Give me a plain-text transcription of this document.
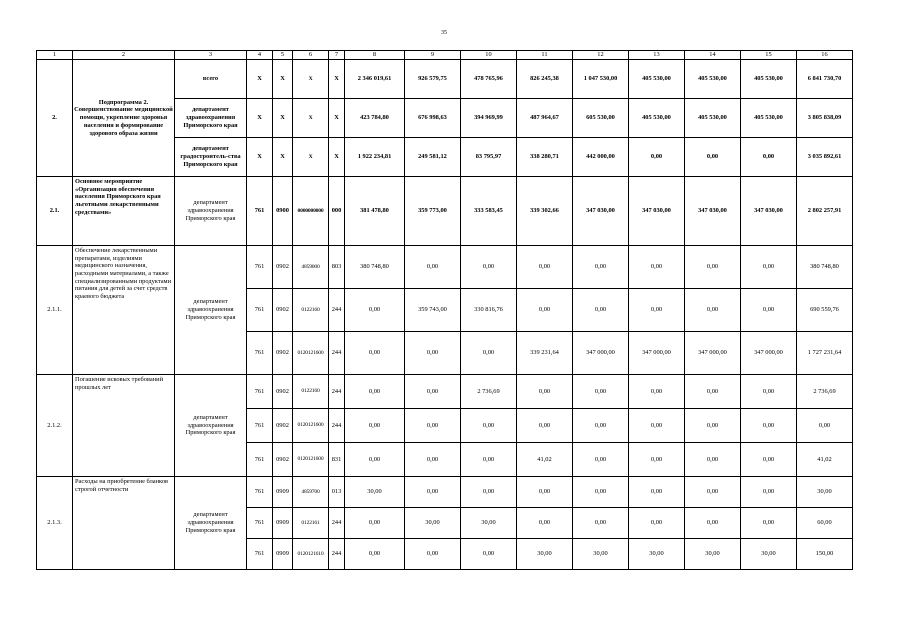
35
1	2	3	4	5	6	7	8	9	10	11	12	13	14	15	16
2.	Подпрограмма 2. Совершенствование медицинской помощи, укрепление здоровья населения и формирование здорового образа жизни	всего	X	X	X	X	2 346 019,61	926 579,75	478 765,96	826 245,38	1 047 530,00	405 530,00	405 530,00	405 530,00	6 841 730,70
		департамент здравоохранения Приморского края	X	X	X	X	423 784,80	676 998,63	394 969,99	487 964,67	605 530,00	405 530,00	405 530,00	405 530,00	3 805 838,09
		департамент градостроитель-ства Приморского края	X	X	X	X	1 922 234,81	249 581,12	83 795,97	338 280,71	442 000,00	0,00	0,00	0,00	3 035 892,61
2.1.	Основное мероприятие «Организация обеспечения населения Приморского края льготными лекарственными средствами»	департамент здравоохранения Приморского края	761	0900	0000000000	000	381 478,80	359 773,00	333 583,45	339 302,66	347 030,00	347 030,00	347 030,00	347 030,00	2 802 257,91
2.1.1.	Обеспечение лекарственными препаратами, изделиями медицинского назначения, расходными материалами, а также специализированными продуктами питания для детей за счет средств краевого бюджета	департамент здравоохранения Приморского края	761	0902	4859000	803	380 748,80	0,00	0,00	0,00	0,00	0,00	0,00	0,00	380 748,80
			761	0902	0122160	244	0,00	359 743,00	330 816,76	0,00	0,00	0,00	0,00	0,00	690 559,76
			761	0902	0120121600	244	0,00	0,00	0,00	339 231,64	347 000,00	347 000,00	347 000,00	347 000,00	1 727 231,64
2.1.2.	Погашение исковых требований прошлых лет	департамент здравоохранения Приморского края	761	0902	0122160	244	0,00	0,00	2 736,69	0,00	0,00	0,00	0,00	0,00	2 736,69
			761	0902	0120121600	244	0,00	0,00	0,00	0,00	0,00	0,00	0,00	0,00	0,00
			761	0902	0120121600	831	0,00	0,00	0,00	41,02	0,00	0,00	0,00	0,00	41,02
2.1.3.	Расходы на приобретение бланков строгой отчетности	департамент здравоохранения Приморского края	761	0909	4859700	013	30,00	0,00	0,00	0,00	0,00	0,00	0,00	0,00	30,00
			761	0909	0122161	244	0,00	30,00	30,00	0,00	0,00	0,00	0,00	0,00	60,00
			761	0909	0120121610	244	0,00	0,00	0,00	30,00	30,00	30,00	30,00	30,00	150,00
